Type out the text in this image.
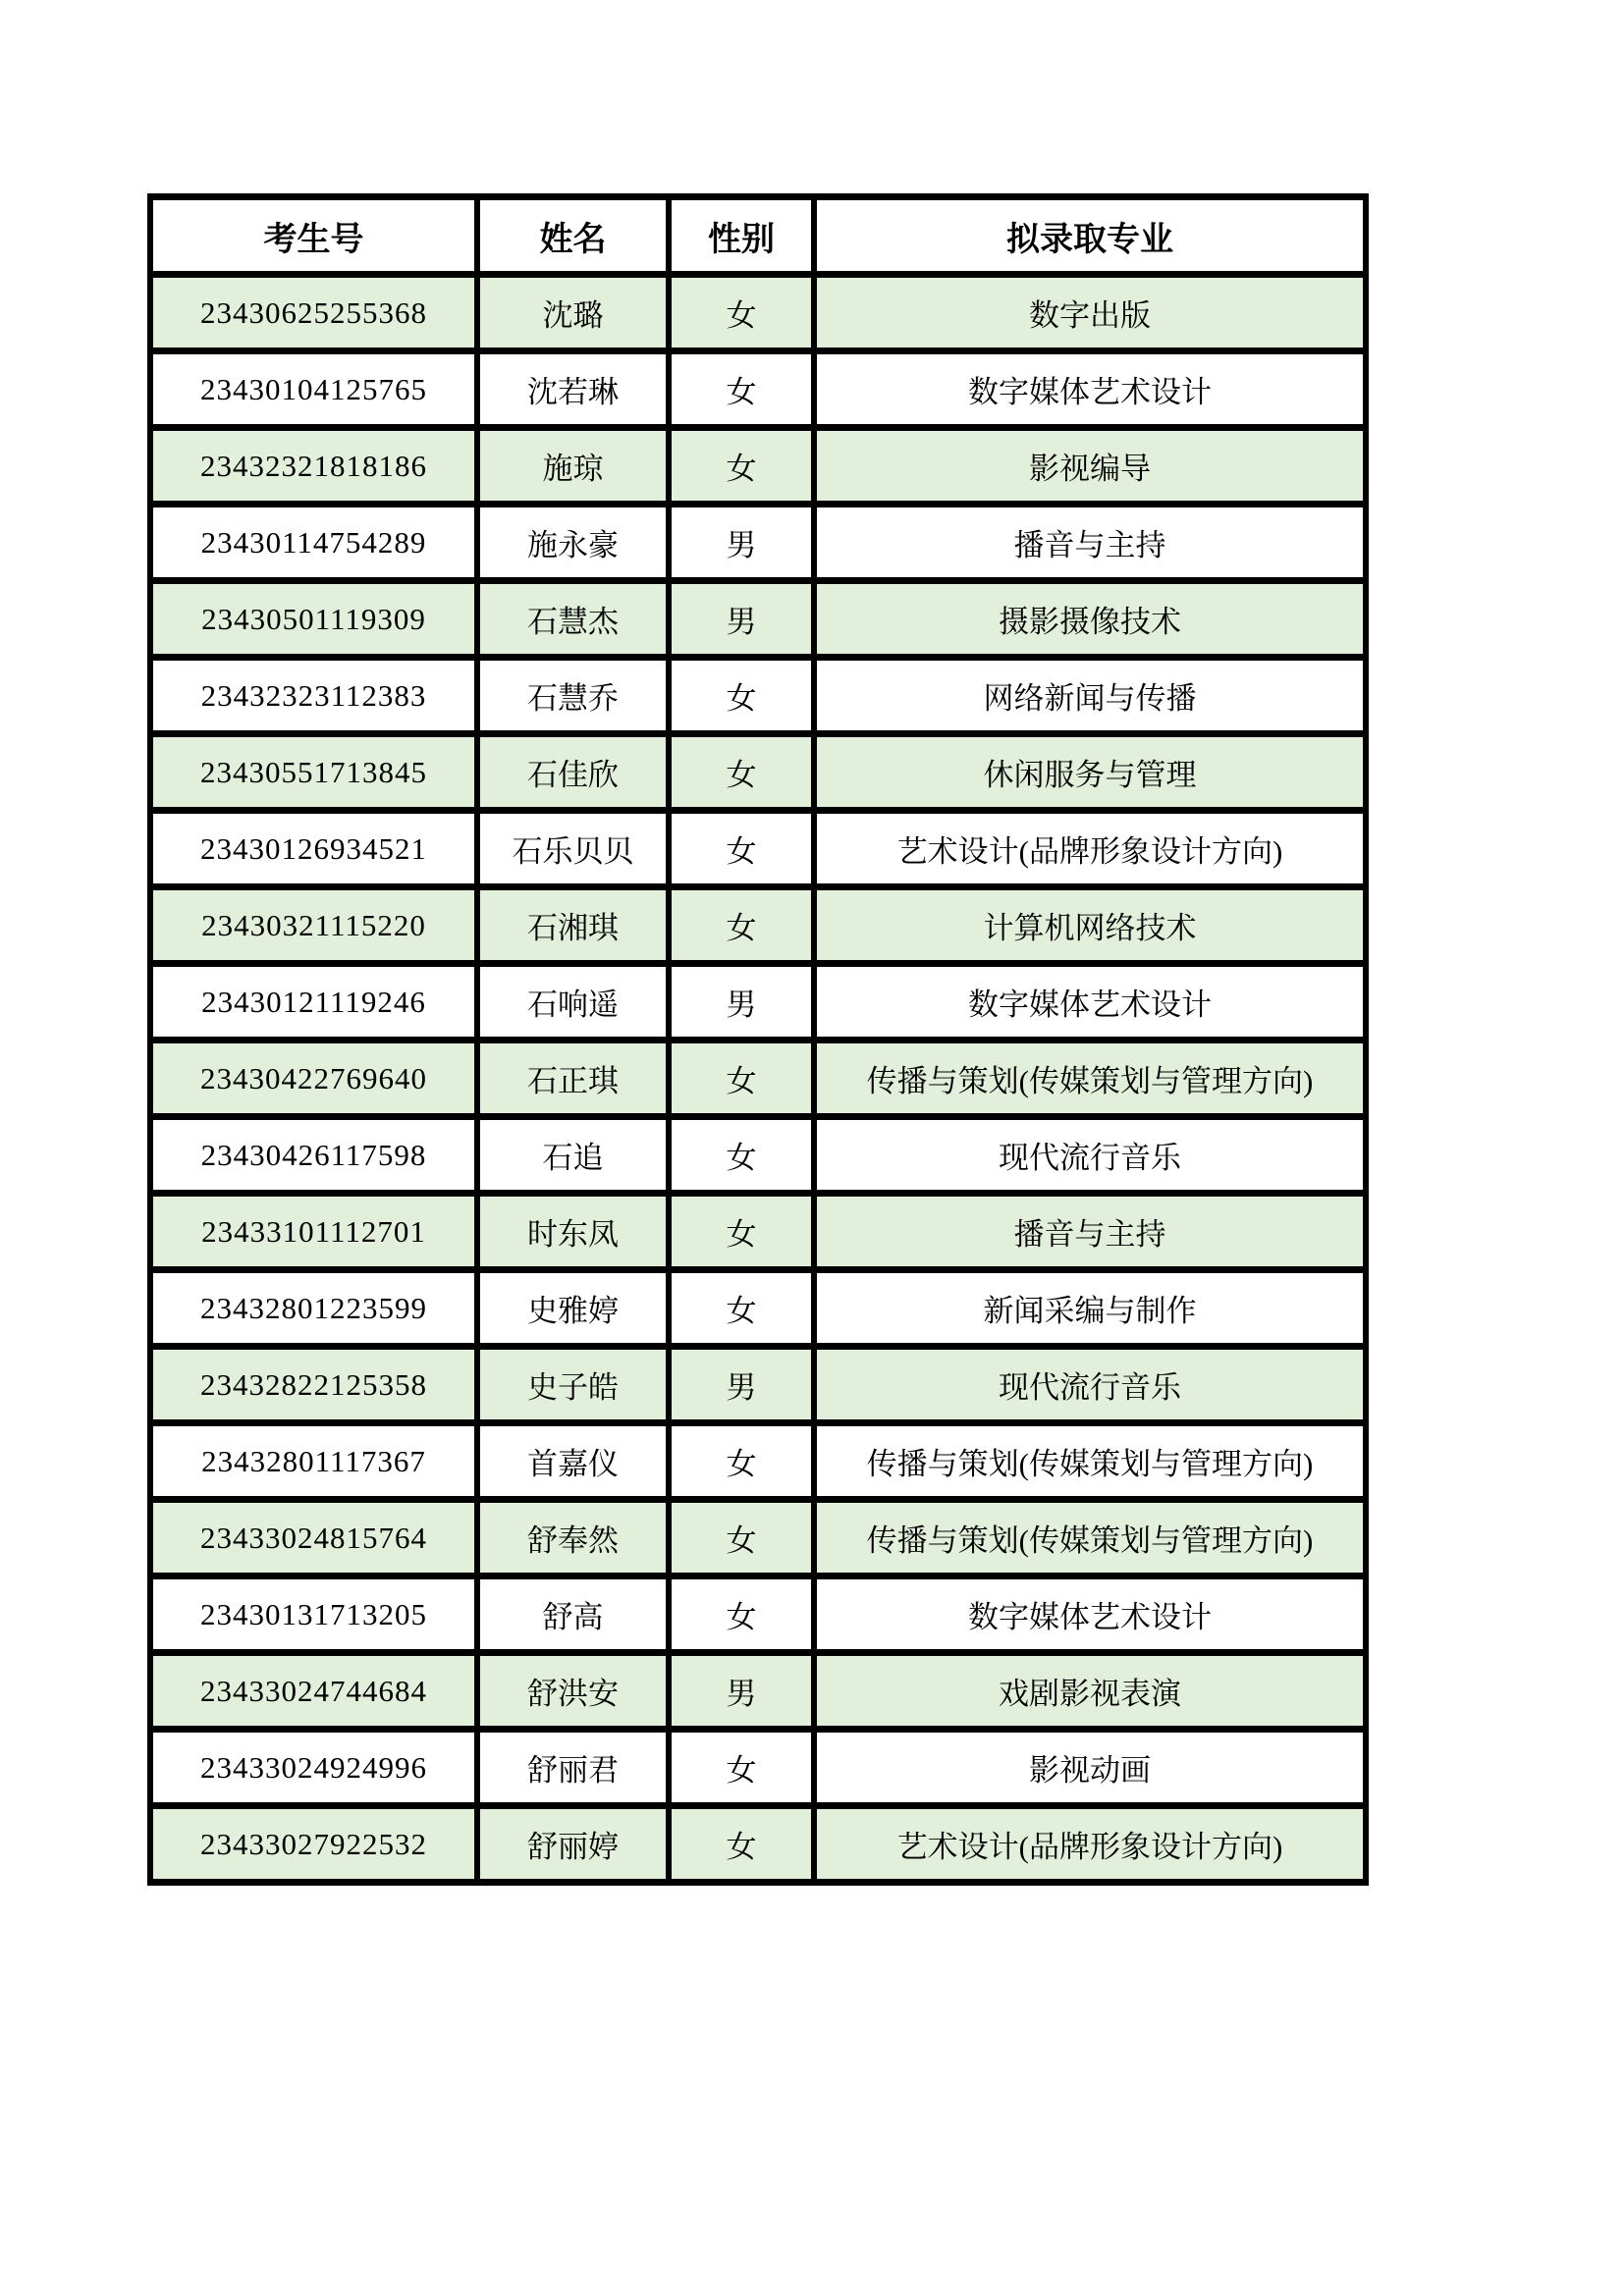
考生号	姓名	性别	拟录取专业
23430625255368	沈璐	女	数字出版
23430104125765	沈若琳	女	数字媒体艺术设计
23432321818186	施琼	女	影视编导
23430114754289	施永豪	男	播音与主持
23430501119309	石慧杰	男	摄影摄像技术
23432323112383	石慧乔	女	网络新闻与传播
23430551713845	石佳欣	女	休闲服务与管理
23430126934521	石乐贝贝	女	艺术设计(品牌形象设计方向)
23430321115220	石湘琪	女	计算机网络技术
23430121119246	石响遥	男	数字媒体艺术设计
23430422769640	石正琪	女	传播与策划(传媒策划与管理方向)
23430426117598	石追	女	现代流行音乐
23433101112701	时东凤	女	播音与主持
23432801223599	史雅婷	女	新闻采编与制作
23432822125358	史子皓	男	现代流行音乐
23432801117367	首嘉仪	女	传播与策划(传媒策划与管理方向)
23433024815764	舒奉然	女	传播与策划(传媒策划与管理方向)
23430131713205	舒高	女	数字媒体艺术设计
23433024744684	舒洪安	男	戏剧影视表演
23433024924996	舒丽君	女	影视动画
23433027922532	舒丽婷	女	艺术设计(品牌形象设计方向)
